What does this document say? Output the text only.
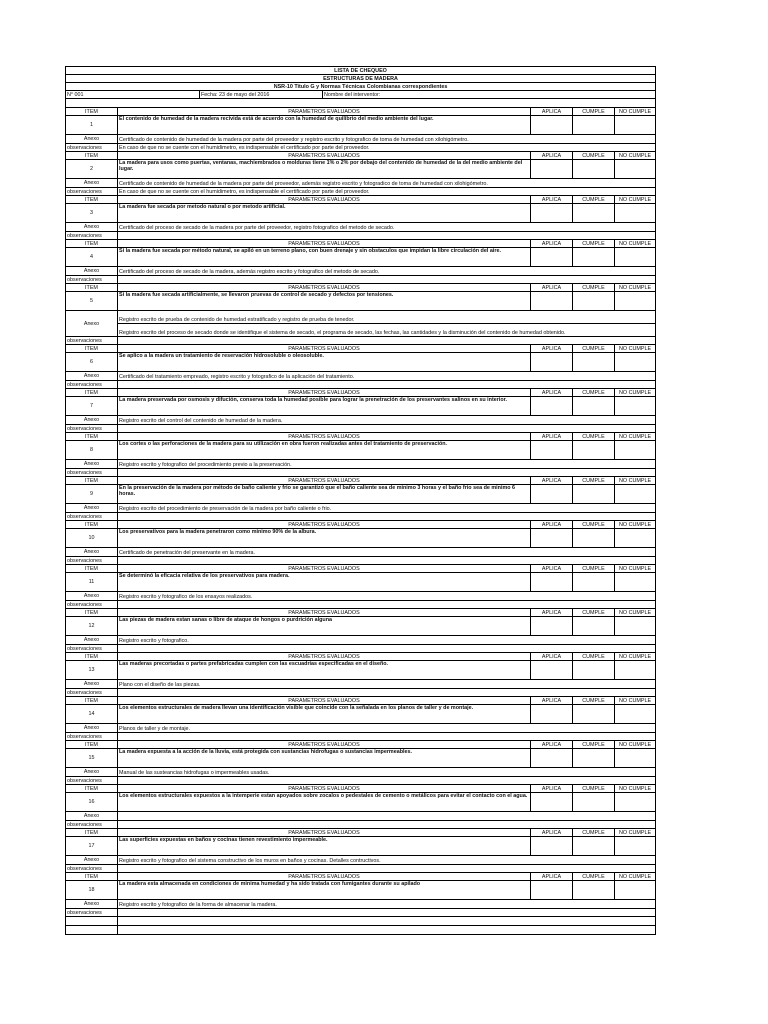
LISTA DE CHEQUEO						
ESTRUCTURAS DE MADERA						
NSR-10 Titulo G y Normas Técnicas Colombianas correspondientes						
N° 001		Fecha: 23 de mayo del 2016	Nombre del interventor:			

ITEM	PARAMETROS EVALUADOS			APLICA	CUMPLE	NO CUMPLE
1	El contenido de humedad de la madera recivida está de acuerdo con la humedad de quilibrio del medio ambiente del lugar.					
Anexo	Certificado de contenido de humedad de la madera por parte del proveedor y registro escrito y fotografico de toma de humedad con xilohigómetro.					
observaciones	En caso de que no se cuente con el humidimetro, es indispensable el certificado por parte del proveedor.					
ITEM	PARAMETROS EVALUADOS			APLICA	CUMPLE	NO CUMPLE
2	La madera para usos como puertas, ventanas, machiembrados o molduras tiene 1% o 2% por debajo del contenido de humedad de la del medio ambiente del lugar.					
Anexo	Certificado de contenido de humedad de la madera por parte del proveedor, además registro escrito y fotogradico de toma de humedad con xilohigómetro.					
observaciones	En caso de que no se cuente con el humidimetro, es indispensable el certificado por parte del proveedor.					
ITEM	PARAMETROS EVALUADOS			APLICA	CUMPLE	NO CUMPLE
3	La madera fue secada por metodo natural o por metodo artificial.					
Anexo	Certificado del proceso de secado de la madera por parte del proveedor, registro fotografico del metodo de secado.					
observaciones						
ITEM	PARAMETROS EVALUADOS			APLICA	CUMPLE	NO CUMPLE
4	Si la madera fue secada por método natural, se apiló en un terreno plano, con buen drenaje y sin obstaculos que impidan la libre circulación del aire.					
Anexo	Certificado del proceso de secado de la madera, además registro escrito y fotografico del metodo de secado.					
observaciones						
ITEM	PARAMETROS EVALUADOS			APLICA	CUMPLE	NO CUMPLE
5	Si la madera fue secada artificialmente, se llevaron pruevas de control de secado y defectos por tensiones.					
Anexo	Registro escrito de prueba de contenido de humedad estratificado y registro de prueba de tenedor.					
	Registro escrito del proceso de secado donde se identifique el sistema de secado, el programa de secado, las fechas, las cantidades y la disminución del contenido de humedad obtenido.					
observaciones						
ITEM	PARAMETROS EVALUADOS			APLICA	CUMPLE	NO CUMPLE
6	Se aplico a la madera un tratamiento de reservación hidrosoluble o oleosoluble.					
Anexo	Certificado del tratamiento empreado, registro escrito y fotografico de la aplicación del tratamiento.					
observaciones						
ITEM	PARAMETROS EVALUADOS			APLICA	CUMPLE	NO CUMPLE
7	La madera preservada por osmosis y difución, conserva toda la humedad posible para lograr la prenetración de los preservantes salinos en su interior.					
Anexo	Registro escrito del control del contenido de humedad de la madera.					
observaciones						
ITEM	PARAMETROS EVALUADOS			APLICA	CUMPLE	NO CUMPLE
8	Los cortes o las perforaciones de la madera para su utilización en obra fueron realizadas antes del tratamiento de preservación.					
Anexo	Registro escrito y fotografico del procedimiento previo a la preservación.					
observaciones						
ITEM	PARAMETROS EVALUADOS			APLICA	CUMPLE	NO CUMPLE
9	En la preservación de la madera por método de baño caliente y frio se garantizó que el baño caliente sea de minimo 3 horas y el baño frio sea de minimo 6 horas.					
Anexo	Registro escrito del procedimiento de preservación de la madera por baño caliente o frio.					
observaciones						
ITEM	PARAMETROS EVALUADOS			APLICA	CUMPLE	NO CUMPLE
10	Los preservativos para la madera penetraron como minimo 90% de la albura.					
Anexo	Certificado de penetración del preservante en la madera.					
observaciones						
ITEM	PARAMETROS EVALUADOS			APLICA	CUMPLE	NO CUMPLE
11	Se determinó la eficacia relativa de los preservativos para madera.					
Anexo	Registro escrito y fotografico de los ensayos realizados.					
observaciones						
ITEM	PARAMETROS EVALUADOS			APLICA	CUMPLE	NO CUMPLE
12	Las piezas de madera estan sanas o libre de ataque de hongos o purdrición alguna					
Anexo	Registro escrito y fotografico.					
observaciones						
ITEM	PARAMETROS EVALUADOS			APLICA	CUMPLE	NO CUMPLE
13	Las maderas precortadas o partes prefabricadas cumplen con las escuadrías especificadas en el diseño.					
Anexo	Plano con el diseño de las piezas.					
observaciones						
ITEM	PARAMETROS EVALUADOS			APLICA	CUMPLE	NO CUMPLE
14	Los elementos estructurales de madera llevan una identificación visible que coincide con la señalada en los planos de taller y de montaje.					
Anexo	Planos de taller y de montaje.					
observaciones						
ITEM	PARAMETROS EVALUADOS			APLICA	CUMPLE	NO CUMPLE
15	La madera expuesta a la acción de la lluvia, está protegida con sustancias hidrofugas o sustancias impermeables.					
Anexo	Manual de las susteancias hidrofugas o impermeables usadas.					
observaciones						
ITEM	PARAMETROS EVALUADOS			APLICA	CUMPLE	NO CUMPLE
16	Los elementos estructurales expuestos a la intemperie estan apoyados sobre zocalos o pedestales de cemento o metálicos para evitar el contacto con el agua.					
Anexo						
observaciones						
ITEM	PARAMETROS EVALUADOS			APLICA	CUMPLE	NO CUMPLE
17	Las superficies expuestas en baños y cocinas tienen revestimiento impermeable.					
Anexo	Registro escrito y fotografico del sistema constructivo de los muros en baños y cocinas. Detalles contructivos.					
observaciones						
ITEM	PARAMETROS EVALUADOS			APLICA	CUMPLE	NO CUMPLE
18	La madera esta almacenada en condiciones de minima humedad y ha sido tratada con fumigantes durante su apilado					
Anexo	Registro escrito y fotografico de la forma de almacenar la madera.					
observaciones						
